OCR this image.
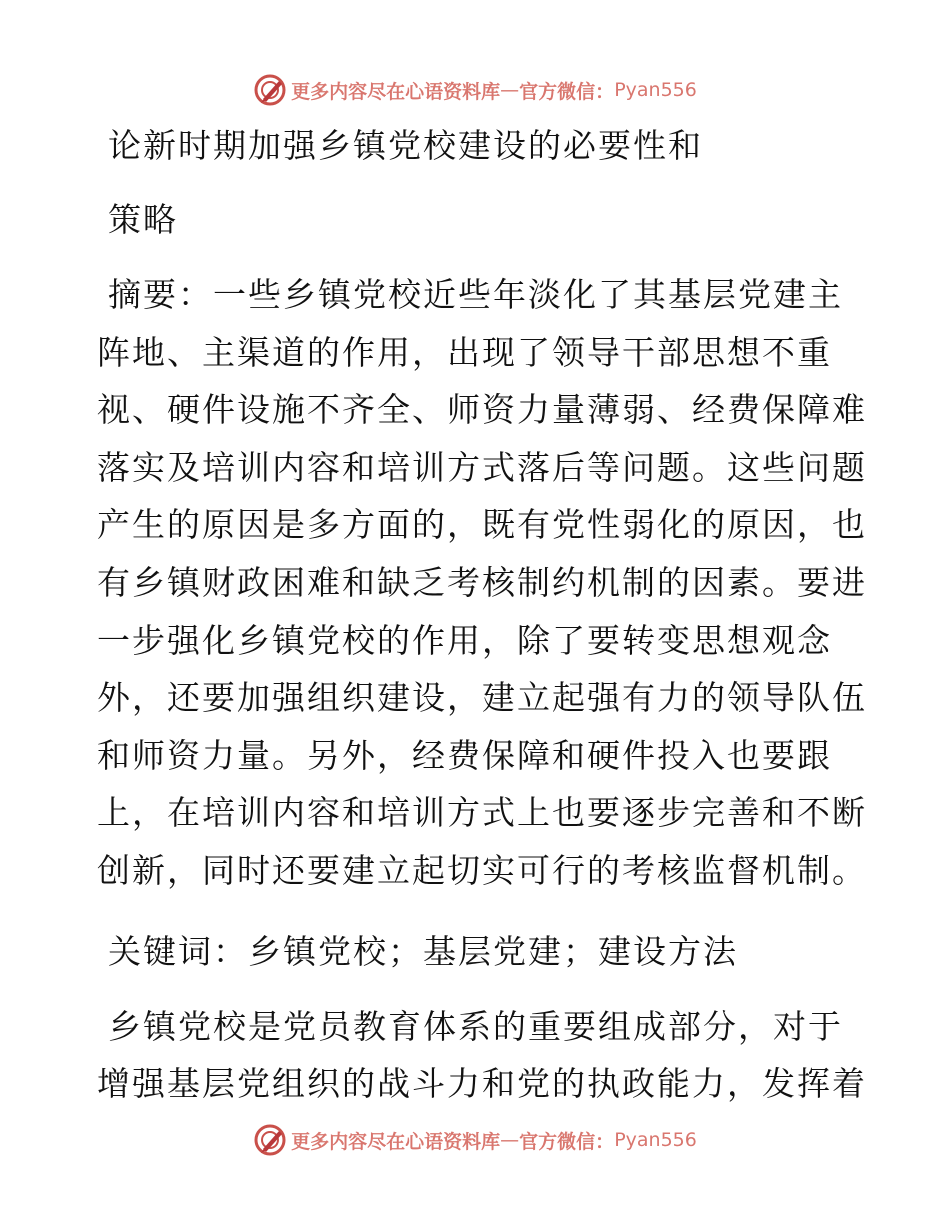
更多内容尽在心语资料库 — 官方微信： Pyan556
论新时期加强乡镇党校建设的必要性和
策略
摘要：一些乡镇党校近些年淡化了其基层党建主
阵地、主渠道的作用，出现了领导干部思想不重
视、硬件设施不齐全、师资力量薄弱、经费保障难
落实及培训内容和培训方式落后等问题。这些问题
产生的原因是多方面的，既有党性弱化的原因，也
有乡镇财政困难和缺乏考核制约机制的因素。要进
一步强化乡镇党校的作用，除了要转变思想观念
外，还要加强组织建设，建立起强有力的领导队伍
和师资力量。另外，经费保障和硬件投入也要跟
上，在培训内容和培训方式上也要逐步完善和不断
创新，同时还要建立起切实可行的考核监督机制。
关键词：乡镇党校；基层党建；建设方法
乡镇党校是党员教育体系的重要组成部分，对于
增强基层党组织的战斗力和党的执政能力，发挥着
更多内容尽在心语资料库 — 官方微信： Pyan556
